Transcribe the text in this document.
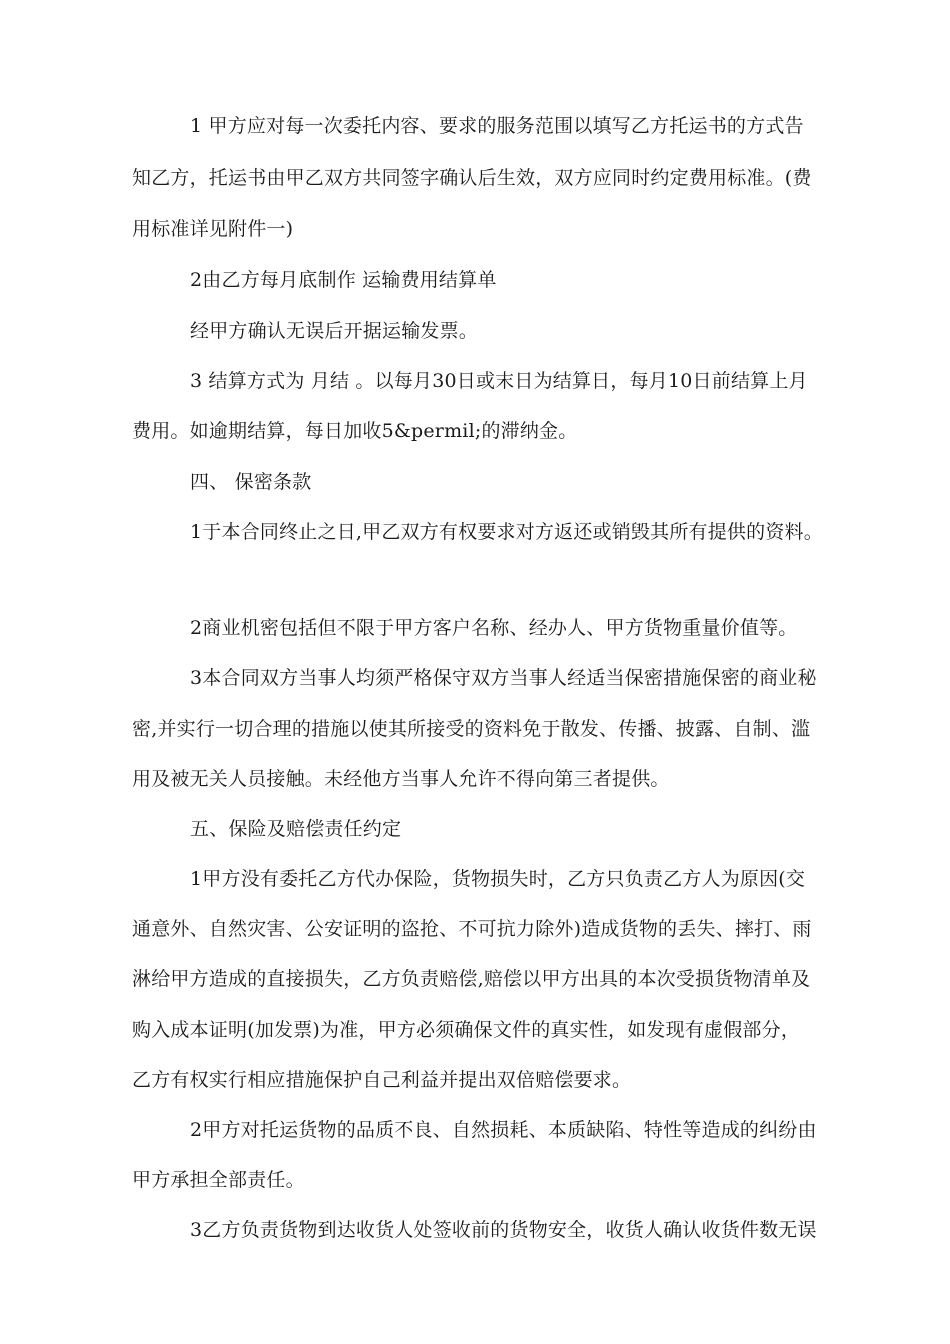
1 甲方应对每一次委托内容、要求的服务范围以填写乙方托运书的方式告
知乙方，托运书由甲乙双方共同签字确认后生效，双方应同时约定费用标准。(费
用标准详见附件一)
2由乙方每月底制作 运输费用结算单
经甲方确认无误后开据运输发票。
3 结算方式为 月结 。以每月30日或末日为结算日，每月10日前结算上月
费用。如逾期结算，每日加收5&permil;的滞纳金。
四、 保密条款
1于本合同终止之日,甲乙双方有权要求对方返还或销毁其所有提供的资料。
2商业机密包括但不限于甲方客户名称、经办人、甲方货物重量价值等。
3本合同双方当事人均须严格保守双方当事人经适当保密措施保密的商业秘
密,并实行一切合理的措施以使其所接受的资料免于散发、传播、披露、自制、滥
用及被无关人员接触。未经他方当事人允许不得向第三者提供。
五、保险及赔偿责任约定
1甲方没有委托乙方代办保险，货物损失时，乙方只负责乙方人为原因(交
通意外、自然灾害、公安证明的盗抢、不可抗力除外)造成货物的丢失、摔打、雨
淋给甲方造成的直接损失，乙方负责赔偿,赔偿以甲方出具的本次受损货物清单及
购入成本证明(加发票)为准，甲方必须确保文件的真实性，如发现有虚假部分，
乙方有权实行相应措施保护自己利益并提出双倍赔偿要求。
2甲方对托运货物的品质不良、自然损耗、本质缺陷、特性等造成的纠纷由
甲方承担全部责任。
3乙方负责货物到达收货人处签收前的货物安全，收货人确认收货件数无误
